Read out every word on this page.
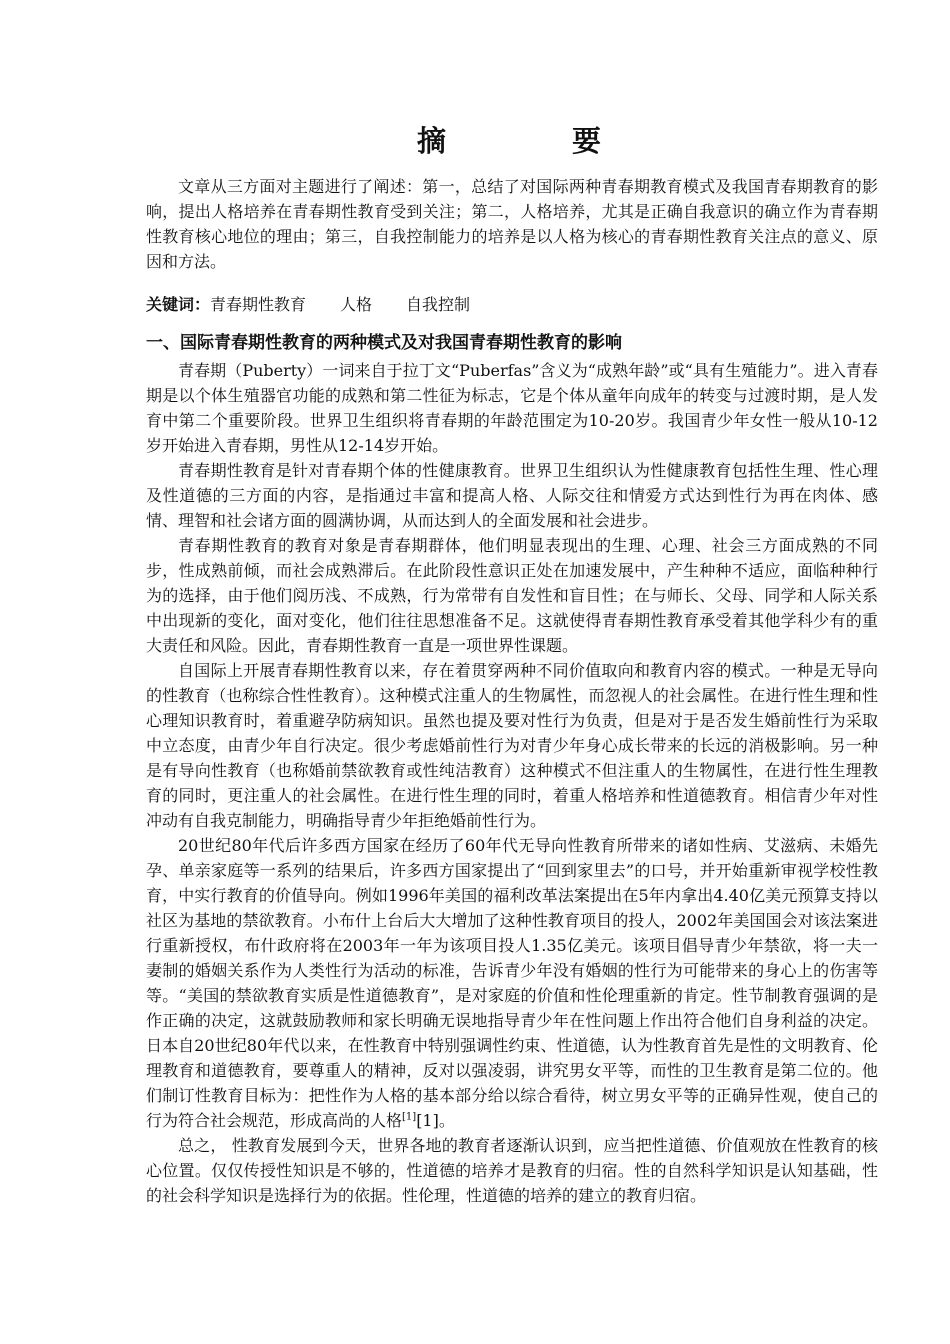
摘 要

文章从三方面对主题进行了阐述：第一，总结了对国际两种青春期教育模式及我国青春期教育的影响，提出人格培养在青春期性教育受到关注；第二，人格培养，尤其是正确自我意识的确立作为青春期性教育核心地位的理由；第三，自我控制能力的培养是以人格为核心的青春期性教育关注点的意义、原因和方法。

关键词：青春期性教育 人格 自我控制
一、国际青春期性教育的两种模式及对我国青春期性教育的影响

青春期（Puberty）一词来自于拉丁文“Puberfas”含义为“成熟年龄”或“具有生殖能力”。进入青春期是以个体生殖器官功能的成熟和第二性征为标志，它是个体从童年向成年的转变与过渡时期，是人发育中第二个重要阶段。世界卫生组织将青春期的年龄范围定为10-20岁。我国青少年女性一般从10-12岁开始进入青春期，男性从12-14岁开始。

青春期性教育是针对青春期个体的性健康教育。世界卫生组织认为性健康教育包括性生理、性心理及性道德的三方面的内容，是指通过丰富和提高人格、人际交往和情爱方式达到性行为再在肉体、感情、理智和社会诸方面的圆满协调，从而达到人的全面发展和社会进步。

青春期性教育的教育对象是青春期群体，他们明显表现出的生理、心理、社会三方面成熟的不同步，性成熟前倾，而社会成熟滞后。在此阶段性意识正处在加速发展中，产生种种不适应，面临种种行为的选择，由于他们阅历浅、不成熟，行为常带有自发性和盲目性；在与师长、父母、同学和人际关系中出现新的变化，面对变化，他们往往思想准备不足。这就使得青春期性教育承受着其他学科少有的重大责任和风险。因此，青春期性教育一直是一项世界性课题。

自国际上开展青春期性教育以来，存在着贯穿两种不同价值取向和教育内容的模式。一种是无导向的性教育（也称综合性性教育）。这种模式注重人的生物属性，而忽视人的社会属性。在进行性生理和性心理知识教育时，着重避孕防病知识。虽然也提及要对性行为负责，但是对于是否发生婚前性行为采取中立态度，由青少年自行决定。很少考虑婚前性行为对青少年身心成长带来的长远的消极影响。另一种是有导向性教育（也称婚前禁欲教育或性纯洁教育）这种模式不但注重人的生物属性，在进行性生理教育的同时，更注重人的社会属性。在进行性生理的同时，着重人格培养和性道德教育。相信青少年对性冲动有自我克制能力，明确指导青少年拒绝婚前性行为。

20世纪80年代后许多西方国家在经历了60年代无导向性教育所带来的诸如性病、艾滋病、未婚先孕、单亲家庭等一系列的结果后，许多西方国家提出了“回到家里去”的口号，并开始重新审视学校性教育，中实行教育的价值导向。例如1996年美国的福利改革法案提出在5年内拿出4.40亿美元预算支持以社区为基地的禁欲教育。小布什上台后大大增加了这种性教育项目的投人，2002年美国国会对该法案进行重新授权，布什政府将在2003年一年为该项目投人1.35亿美元。该项目倡导青少年禁欲，将一夫一妻制的婚姻关系作为人类性行为活动的标准，告诉青少年没有婚姻的性行为可能带来的身心上的伤害等等。“美国的禁欲教育实质是性道德教育”，是对家庭的价值和性伦理重新的肯定。性节制教育强调的是作正确的决定，这就鼓励教师和家长明确无误地指导青少年在性问题上作出符合他们自身利益的决定。日本自20世纪80年代以来，在性教育中特别强调性约束、性道德，认为性教育首先是性的文明教育、伦理教育和道德教育，要尊重人的精神，反对以强凌弱，讲究男女平等，而性的卫生教育是第二位的。他们制订性教育目标为：把性作为人格的基本部分给以综合看待，树立男女平等的正确异性观，使自己的行为符合社会规范，形成高尚的人格[1][1]。

总之， 性教育发展到今天，世界各地的教育者逐渐认识到，应当把性道德、价值观放在性教育的核心位置。仅仅传授性知识是不够的，性道德的培养才是教育的归宿。性的自然科学知识是认知基础，性的社会科学知识是选择行为的依据。性伦理，性道德的培养的建立的教育归宿。
